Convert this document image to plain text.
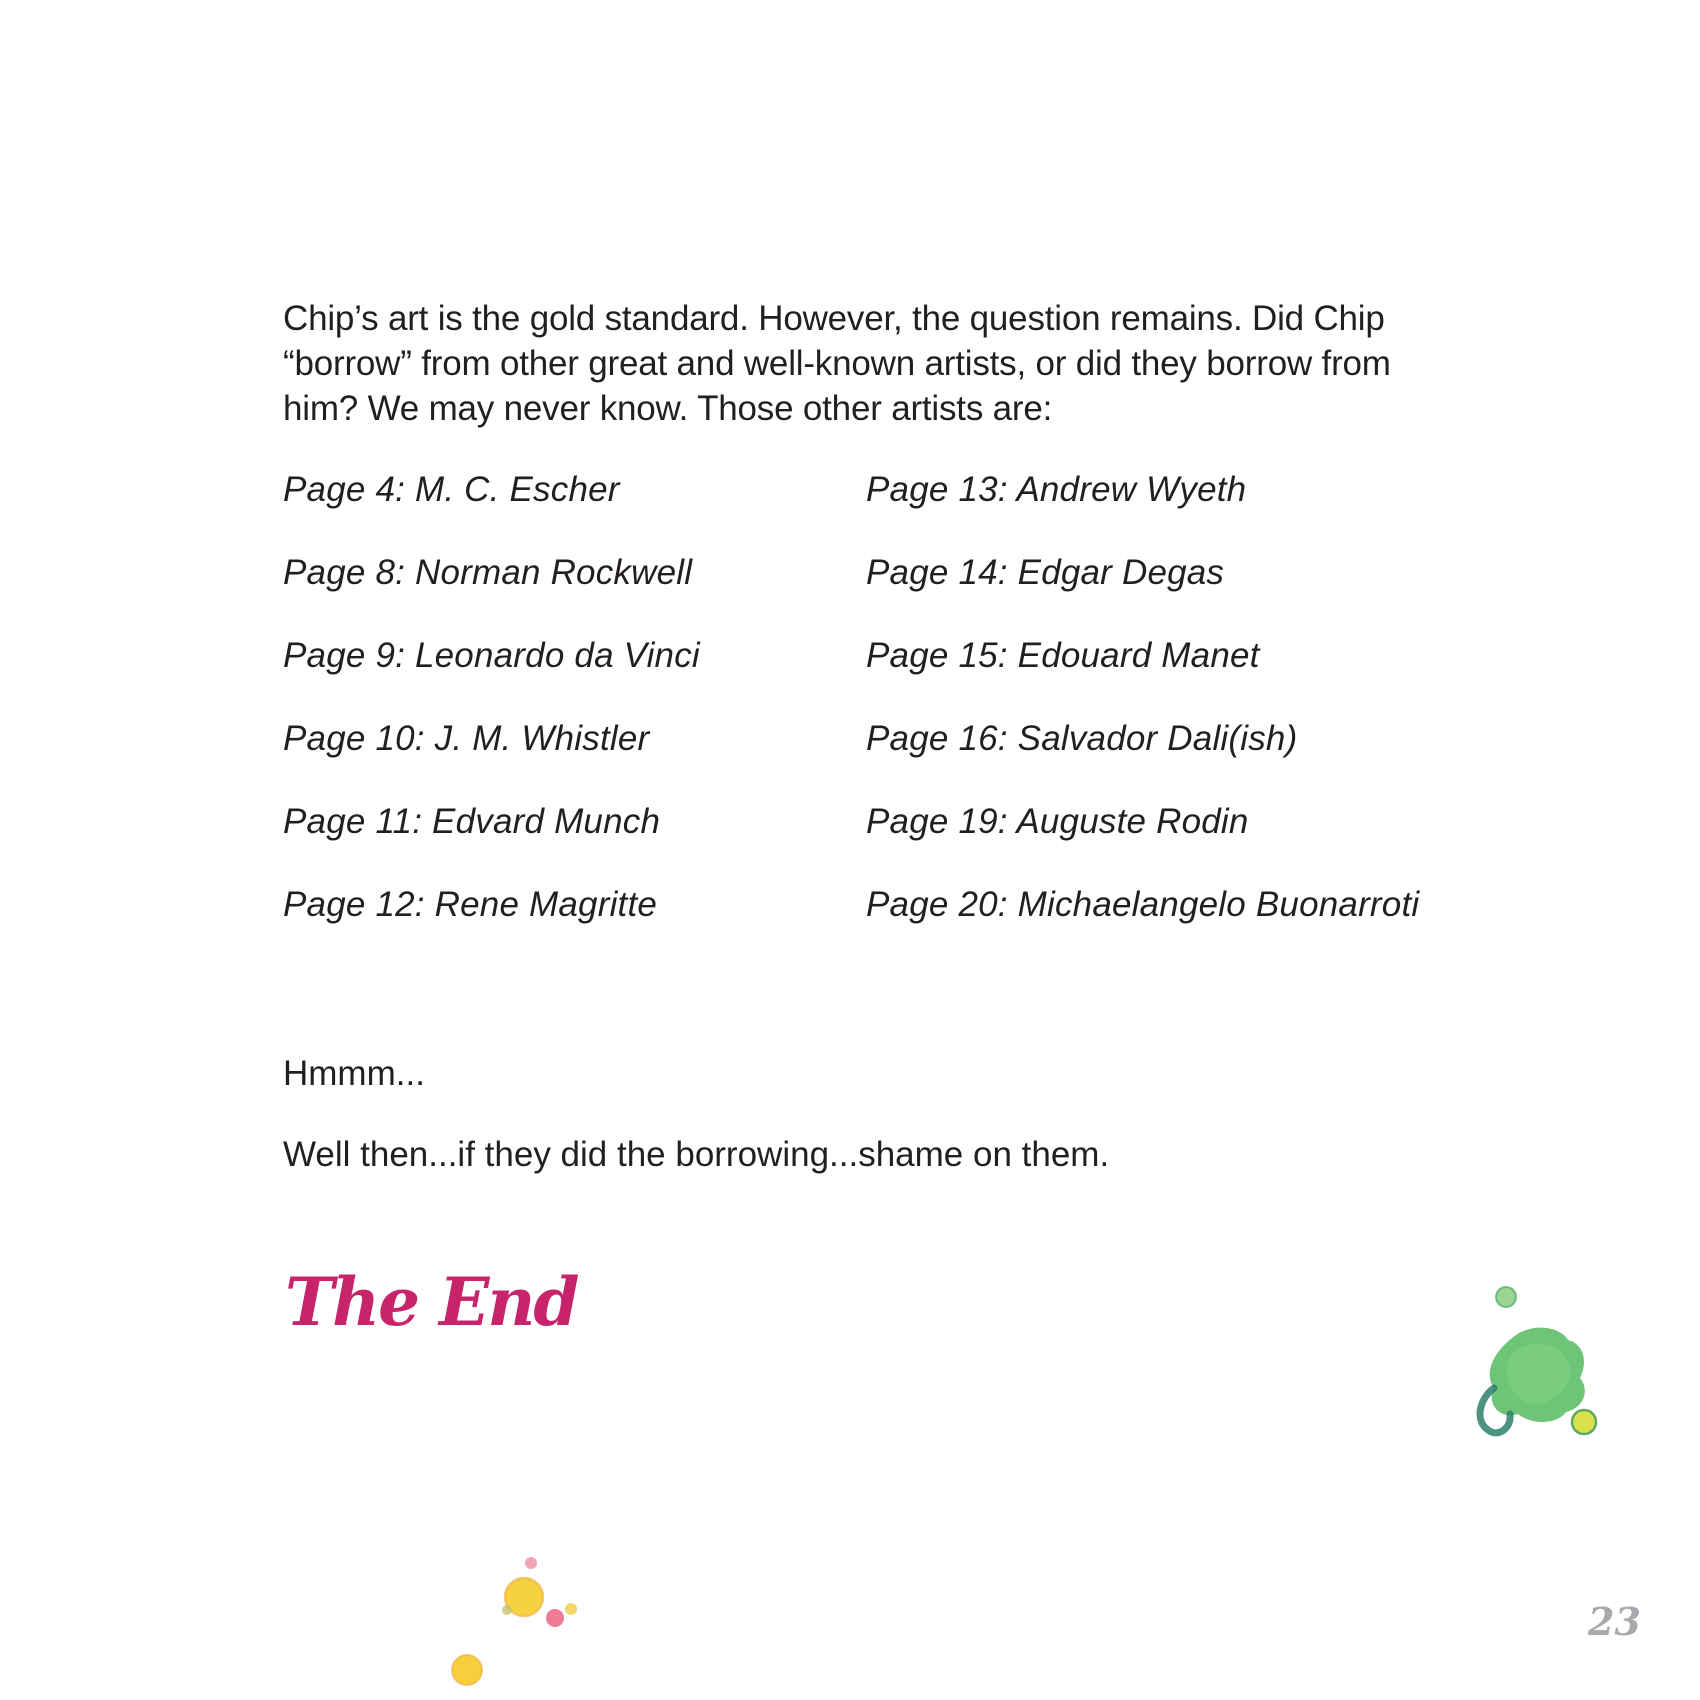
Chip’s art is the gold standard. However, the question remains. Did Chip “borrow” from other great and well-known artists, or did they borrow from him? We may never know. Those other artists are:

Page 4: M. C. Escher
Page 8: Norman Rockwell
Page 9: Leonardo da Vinci
Page 10: J. M. Whistler
Page 11: Edvard Munch
Page 12: Rene Magritte
Page 13: Andrew Wyeth
Page 14: Edgar Degas
Page 15: Edouard Manet
Page 16: Salvador Dali(ish)
Page 19: Auguste Rodin
Page 20: Michaelangelo Buonarroti

Hmmm...

Well then...if they did the borrowing...shame on them.

The End

23
